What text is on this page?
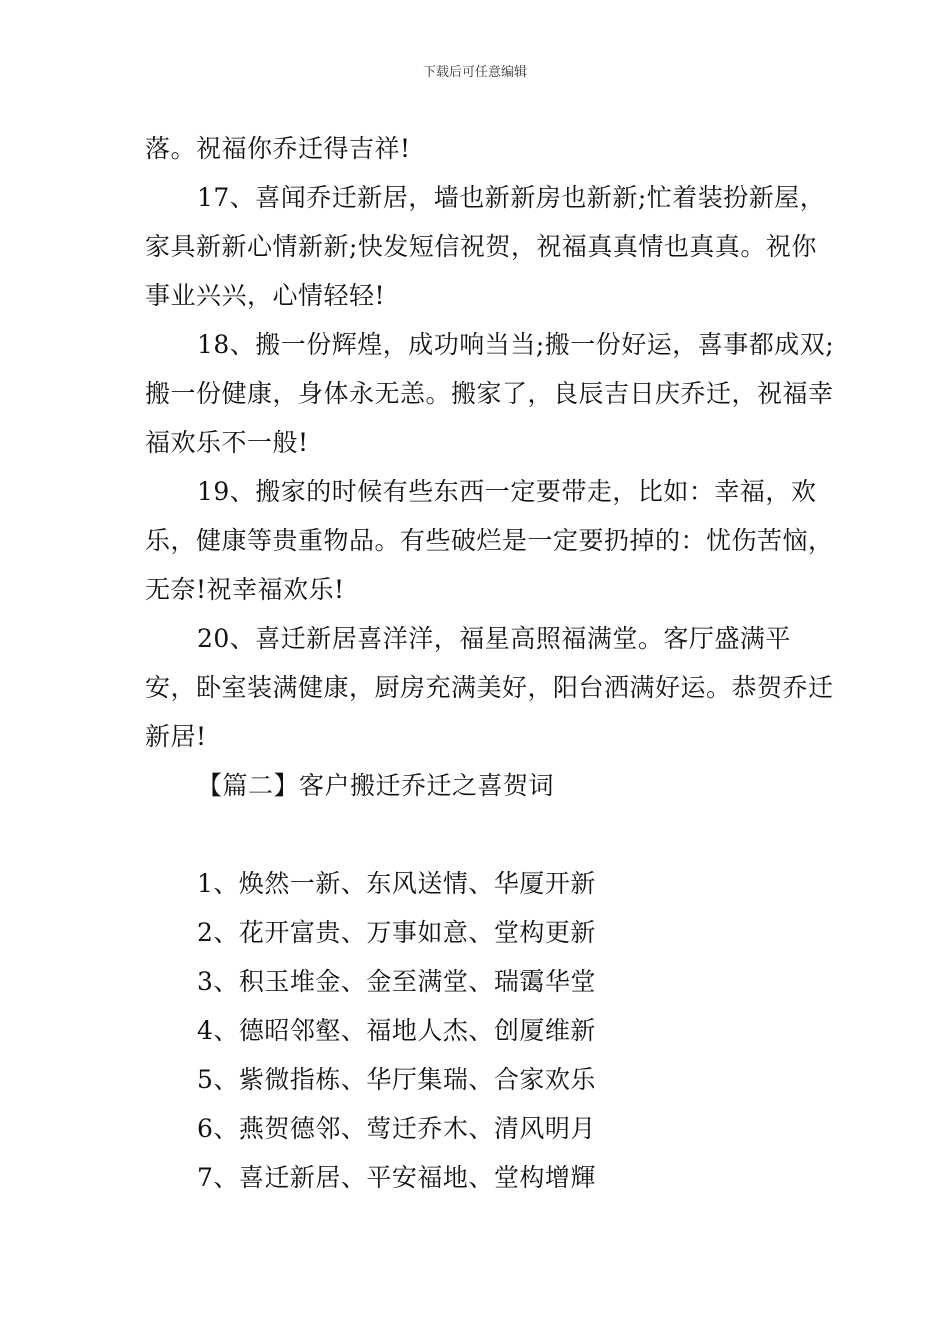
下载后可任意编辑

落。祝福你乔迁得吉祥!

17、喜闻乔迁新居，墙也新新房也新新;忙着装扮新屋，家具新新心情新新;快发短信祝贺，祝福真真情也真真。祝你事业兴兴，心情轻轻!

18、搬一份辉煌，成功响当当;搬一份好运，喜事都成双;搬一份健康，身体永无恙。搬家了，良辰吉日庆乔迁，祝福幸福欢乐不一般!

19、搬家的时候有些东西一定要带走，比如：幸福，欢乐，健康等贵重物品。有些破烂是一定要扔掉的：忧伤苦恼，无奈!祝幸福欢乐!

20、喜迁新居喜洋洋，福星高照福满堂。客厅盛满平安，卧室装满健康，厨房充满美好，阳台洒满好运。恭贺乔迁新居!

【篇二】客户搬迁乔迁之喜贺词

1、焕然一新、东风送情、华厦开新
2、花开富贵、万事如意、堂构更新
3、积玉堆金、金至满堂、瑞霭华堂
4、德昭邻壑、福地人杰、创厦维新
5、紫微指栋、华厅集瑞、合家欢乐
6、燕贺德邻、莺迁乔木、清风明月
7、喜迁新居、平安福地、堂构增輝
